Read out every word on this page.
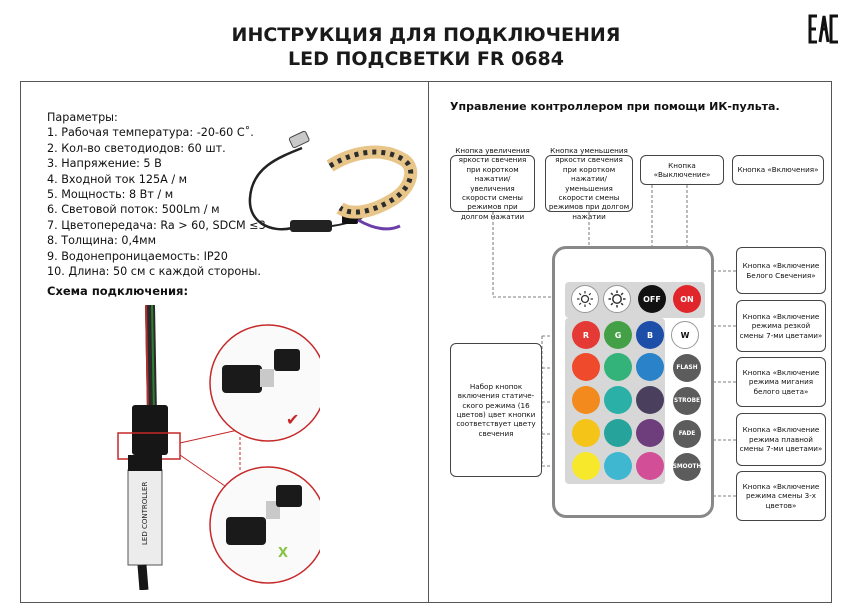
ИНСТРУКЦИЯ ДЛЯ ПОДКЛЮЧЕНИЯ
LED ПОДСВЕТКИ FR 0684
Параметры:
1. Рабочая температура: -20-60 C˚.
2. Кол-во светодиодов: 60 шт.
3. Напряжение: 5 В
4. Входной ток 125А / м
5. Мощность: 8 Вт / м
6. Световой поток: 500Lm / м
7. Цветопередача: Ra > 60, SDCM ≤3
8. Толщина: 0,4мм
9. Водонепроницаемость: IP20
10. Длина: 50 см с каждой стороны.
Схема подключения:
LED CONTROLLER
✔
X
Управление контроллером при помощи ИК-пульта.
Кнопка увеличения яркости свечения при коротком нажатии/ увеличения скорости смены режимов при долгом нажатии
Кнопка уменьшения яркости свечения при коротком нажатии/ уменьшения скорости смены режимов при долгом нажатии
Кнопка «Выключение»
Кнопка «Включения»
Кнопка «Включение Белого Свечения»
Кнопка «Включение режима резкой смены 7-ми цветами»
Кнопка «Включение режима мигания белого цвета»
Кнопка «Включение режима плавной смены 7-ми цветами»
Кнопка «Включение режима смены 3-х цветов»
Набор кнопок включения статиче- ского режима (16 цветов) цвет кнопки соответствует цвету свечения
OFF	ON
R	G	B	W
FLASH
STROBE
FADE
SMOOTH
